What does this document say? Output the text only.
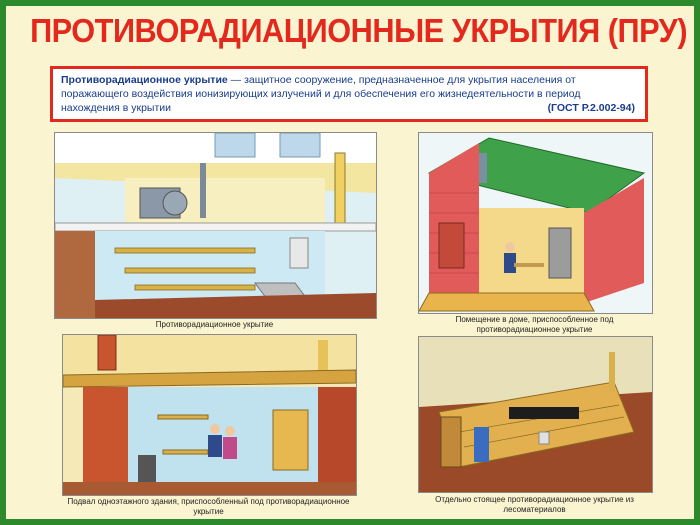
ПРОТИВОРАДИАЦИОННЫЕ УКРЫТИЯ (ПРУ)
Противорадиационное укрытие — защитное сооружение, предназначенное для укрытия населения от поражающего воздействия ионизирующих излучений и для обеспечения его жизнедеятельности в период нахождения в укрытии	(ГОСТ Р.2.002-94)
Противорадиационное укрытие
Помещение в доме, приспособленное под противорадиационное укрытие
Подвал одноэтажного здания, приспособленный под противорадиационное укрытие
Отдельно стоящее противорадиационное укрытие из лесоматериалов
